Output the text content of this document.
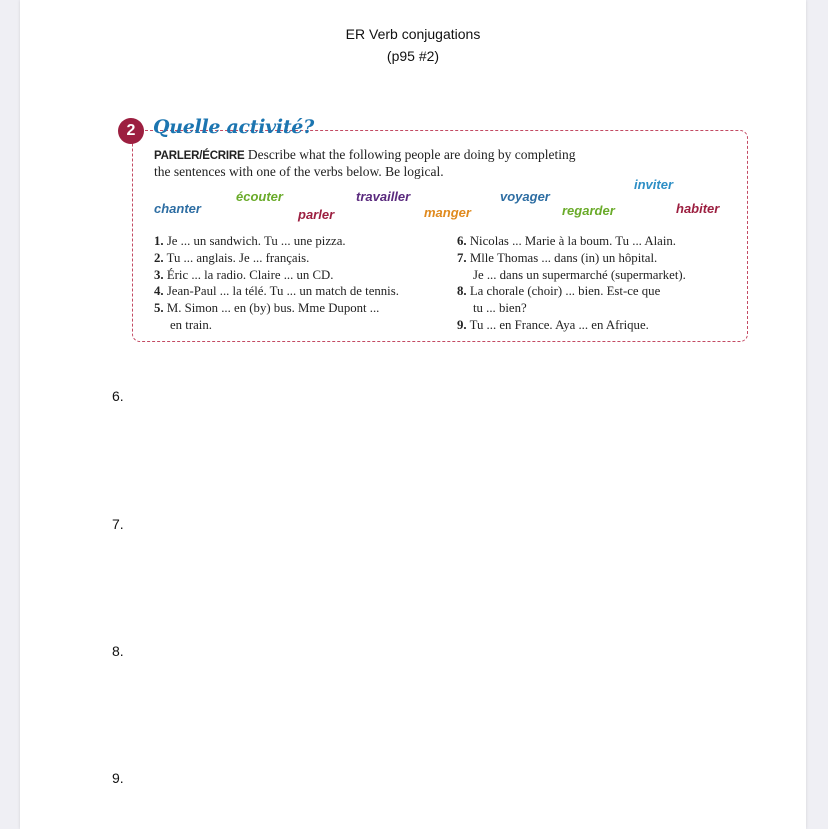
ER Verb conjugations
(p95 #2)
2 Quelle activité?
PARLER/ÉCRIRE Describe what the following people are doing by completing
the sentences with one of the verbs below. Be logical.
chanter
écouter
parler
travailler
manger
voyager
regarder
inviter
habiter
1. Je ... un sandwich. Tu ... une pizza.
2. Tu ... anglais. Je ... français.
3. Éric ... la radio. Claire ... un CD.
4. Jean-Paul ... la télé. Tu ... un match de tennis.
5. M. Simon ... en (by) bus. Mme Dupont ...
en train.
6. Nicolas ... Marie à la boum. Tu ... Alain.
7. Mlle Thomas ... dans (in) un hôpital.
Je ... dans un supermarché (supermarket).
8. La chorale (choir) ... bien. Est-ce que
tu ... bien?
9. Tu ... en France. Aya ... en Afrique.
6.
7.
8.
9.
